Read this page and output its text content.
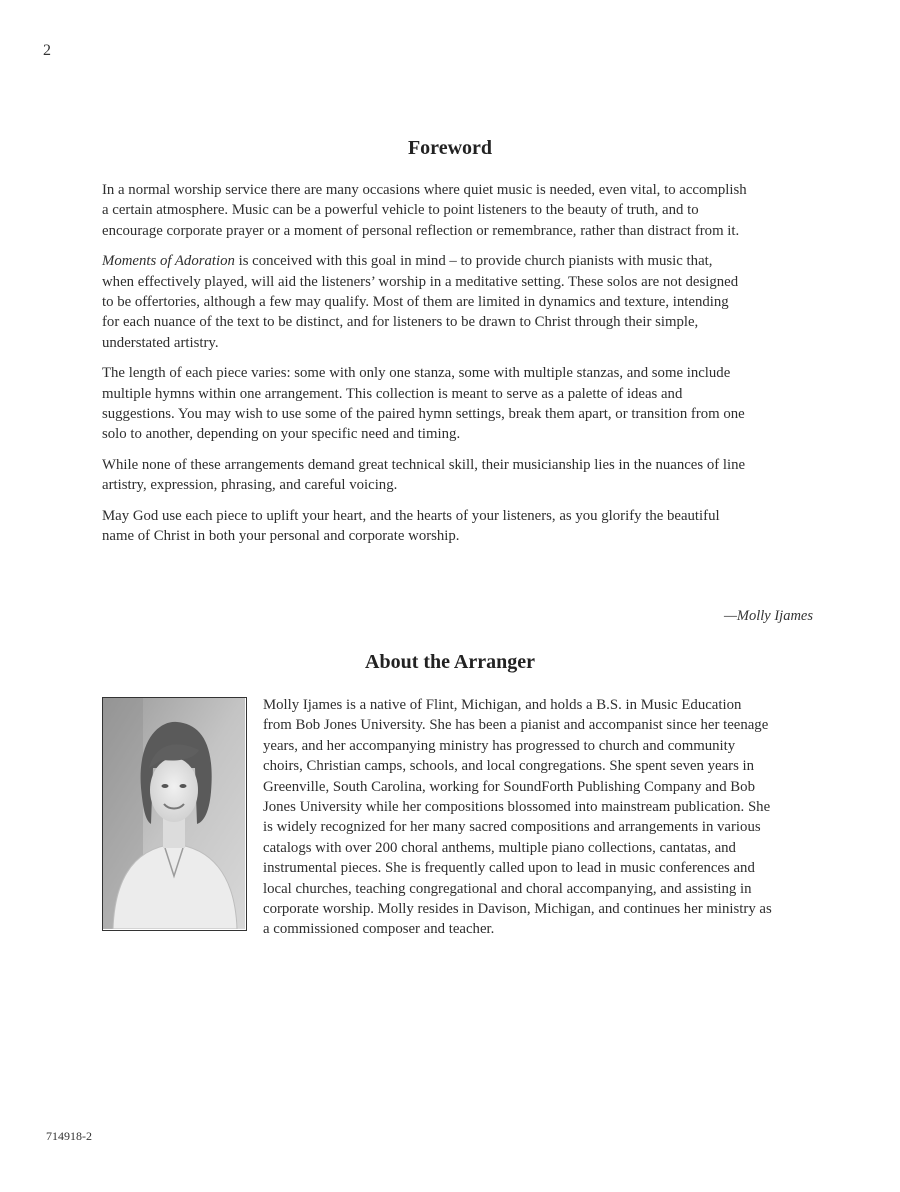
2
Foreword

In a normal worship service there are many occasions where quiet music is needed, even vital, to accomplish
a certain atmosphere. Music can be a powerful vehicle to point listeners to the beauty of truth, and to
encourage corporate prayer or a moment of personal reflection or remembrance, rather than distract from it.

Moments of Adoration is conceived with this goal in mind – to provide church pianists with music that,
when effectively played, will aid the listeners’ worship in a meditative setting. These solos are not designed
to be offertories, although a few may qualify. Most of them are limited in dynamics and texture, intending
for each nuance of the text to be distinct, and for listeners to be drawn to Christ through their simple,
understated artistry.

The length of each piece varies: some with only one stanza, some with multiple stanzas, and some include
multiple hymns within one arrangement. This collection is meant to serve as a palette of ideas and
suggestions. You may wish to use some of the paired hymn settings, break them apart, or transition from one
solo to another, depending on your specific need and timing.

While none of these arrangements demand great technical skill, their musicianship lies in the nuances of line
artistry, expression, phrasing, and careful voicing.

May God use each piece to uplift your heart, and the hearts of your listeners, as you glorify the beautiful
name of Christ in both your personal and corporate worship.

—Molly Ijames
About the Arranger

Molly Ijames is a native of Flint, Michigan, and holds a B.S. in Music Education
from Bob Jones University. She has been a pianist and accompanist since her teenage
years, and her accompanying ministry has progressed to church and community
choirs, Christian camps, schools, and local congregations. She spent seven years in
Greenville, South Carolina, working for SoundForth Publishing Company and Bob
Jones University while her compositions blossomed into mainstream publication. She
is widely recognized for her many sacred compositions and arrangements in various
catalogs with over 200 choral anthems, multiple piano collections, cantatas, and
instrumental pieces. She is frequently called upon to lead in music conferences and
local churches, teaching congregational and choral accompanying, and assisting in
corporate worship. Molly resides in Davison, Michigan, and continues her ministry as
a commissioned composer and teacher.

714918-2
